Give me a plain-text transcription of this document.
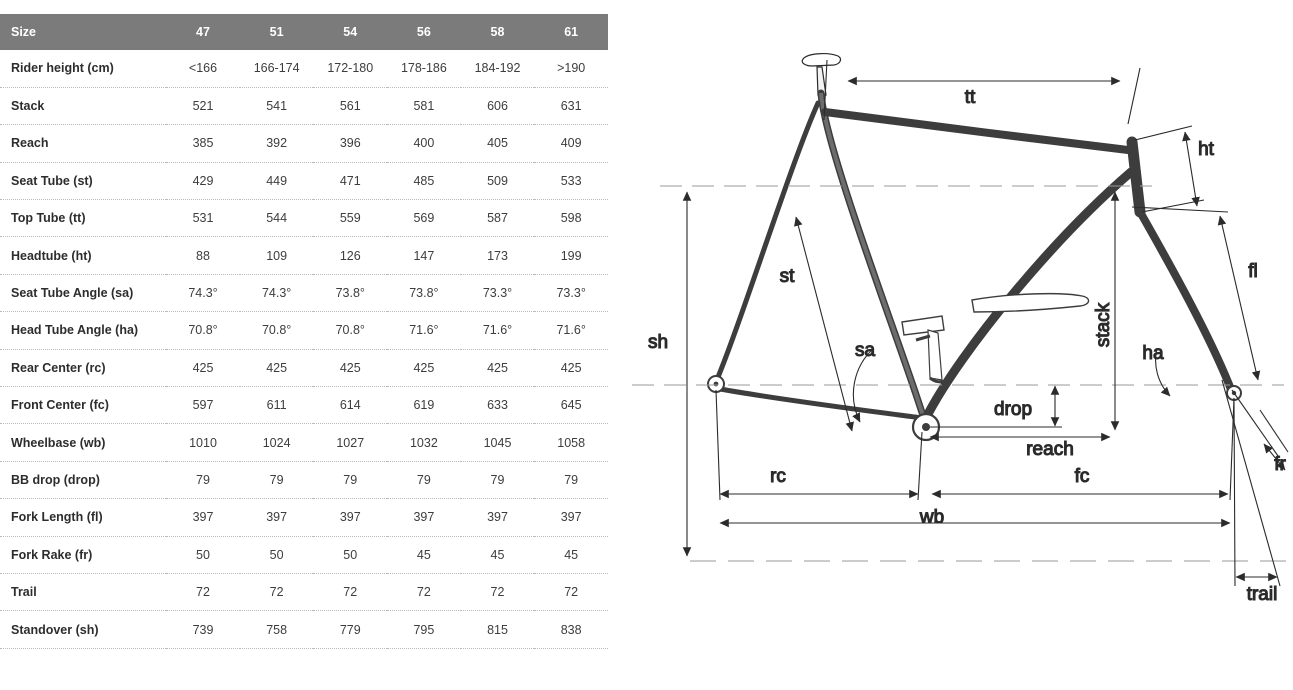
Size	47	51	54	56	58	61
Rider height (cm)	<166	166-174	172-180	178-186	184-192	>190
Stack	521	541	561	581	606	631
Reach	385	392	396	400	405	409
Seat Tube (st)	429	449	471	485	509	533
Top Tube (tt)	531	544	559	569	587	598
Headtube (ht)	88	109	126	147	173	199
Seat Tube Angle (sa)	74.3°	74.3°	73.8°	73.8°	73.3°	73.3°
Head Tube Angle (ha)	70.8°	70.8°	70.8°	71.6°	71.6°	71.6°
Rear Center (rc)	425	425	425	425	425	425
Front Center (fc)	597	611	614	619	633	645
Wheelbase (wb)	1010	1024	1027	1032	1045	1058
BB drop (drop)	79	79	79	79	79	79
Fork Length (fl)	397	397	397	397	397	397
Fork Rake (fr)	50	50	50	45	45	45
Trail	72	72	72	72	72	72
Standover (sh)	739	758	779	795	815	838
tt
ht
st	fl
sh	stack
sa	ha
drop
reach
rc	fc
wb
fr
trail
